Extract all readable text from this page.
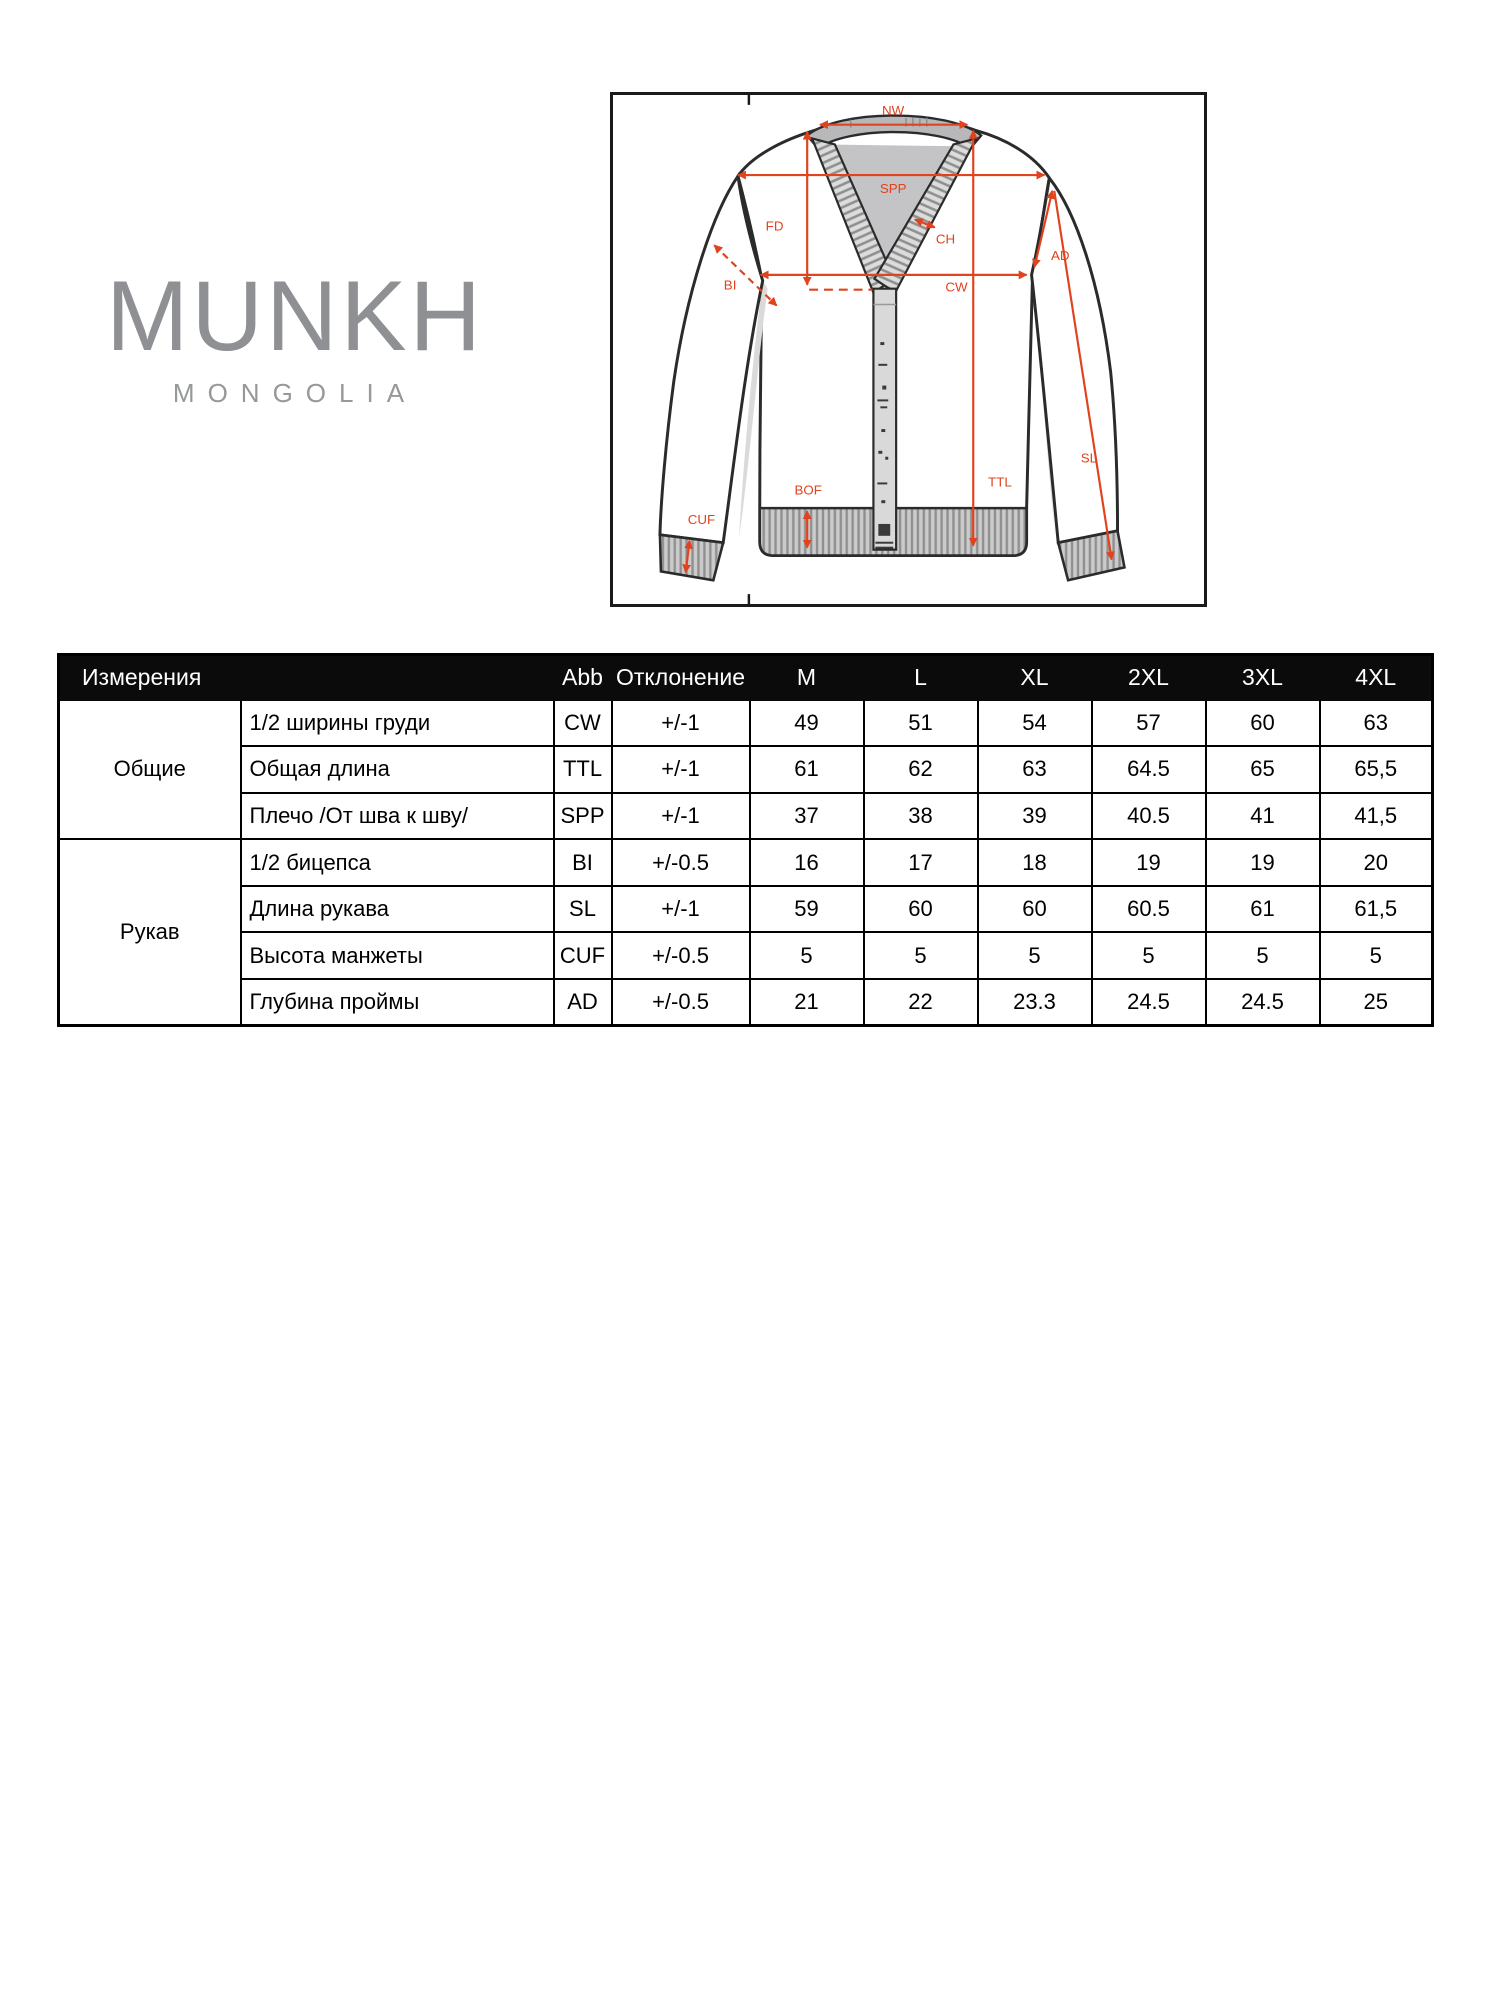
MUNKH
MONGOLIA
NW
SPP
FD
CH
CW
BI
AD
SL
TTL
BOF
CUF
Измерения		Abb	Отклонение	M	L	XL	2XL	3XL	4XL
Общие	1/2 ширины груди	CW	+/-1	49	51	54	57	60	63
	Общая длина	TTL	+/-1	61	62	63	64.5	65	65,5
	Плечо /От шва к шву/	SPP	+/-1	37	38	39	40.5	41	41,5
Рукав	1/2 бицепса	BI	+/-0.5	16	17	18	19	19	20
	Длина рукава	SL	+/-1	59	60	60	60.5	61	61,5
	Высота манжеты	CUF	+/-0.5	5	5	5	5	5	5
	Глубина проймы	AD	+/-0.5	21	22	23.3	24.5	24.5	25
